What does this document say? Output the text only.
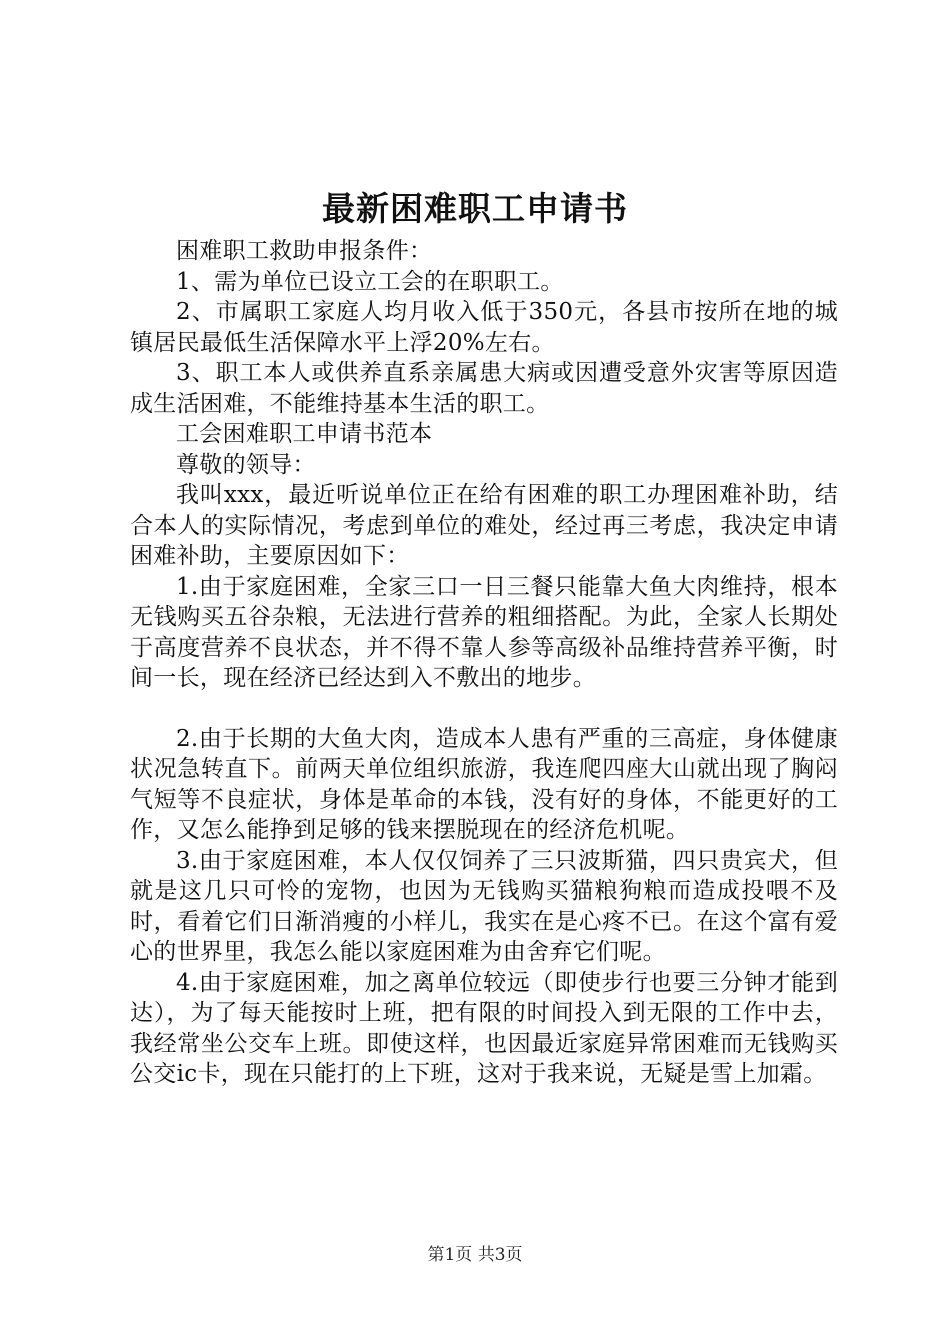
最新困难职工申请书

困难职工救助申报条件：

1、需为单位已设立工会的在职职工。

2、市属职工家庭人均月收入低于350元，各县市按所在地的城镇居民最低生活保障水平上浮20%左右。

3、职工本人或供养直系亲属患大病或因遭受意外灾害等原因造成生活困难，不能维持基本生活的职工。

工会困难职工申请书范本

尊敬的领导：

我叫xxx，最近听说单位正在给有困难的职工办理困难补助，结合本人的实际情况，考虑到单位的难处，经过再三考虑，我决定申请困难补助，主要原因如下：

1.由于家庭困难，全家三口一日三餐只能靠大鱼大肉维持，根本无钱购买五谷杂粮，无法进行营养的粗细搭配。为此，全家人长期处于高度营养不良状态，并不得不靠人参等高级补品维持营养平衡，时间一长，现在经济已经达到入不敷出的地步。

2.由于长期的大鱼大肉，造成本人患有严重的三高症，身体健康状况急转直下。前两天单位组织旅游，我连爬四座大山就出现了胸闷气短等不良症状，身体是革命的本钱，没有好的身体，不能更好的工作，又怎么能挣到足够的钱来摆脱现在的经济危机呢。

3.由于家庭困难，本人仅仅饲养了三只波斯猫，四只贵宾犬，但就是这几只可怜的宠物，也因为无钱购买猫粮狗粮而造成投喂不及时，看着它们日渐消瘦的小样儿，我实在是心疼不已。在这个富有爱心的世界里，我怎么能以家庭困难为由舍弃它们呢。

4.由于家庭困难，加之离单位较远（即使步行也要三分钟才能到达），为了每天能按时上班，把有限的时间投入到无限的工作中去，我经常坐公交车上班。即使这样，也因最近家庭异常困难而无钱购买公交ic卡，现在只能打的上下班，这对于我来说，无疑是雪上加霜。

第1页 共3页
